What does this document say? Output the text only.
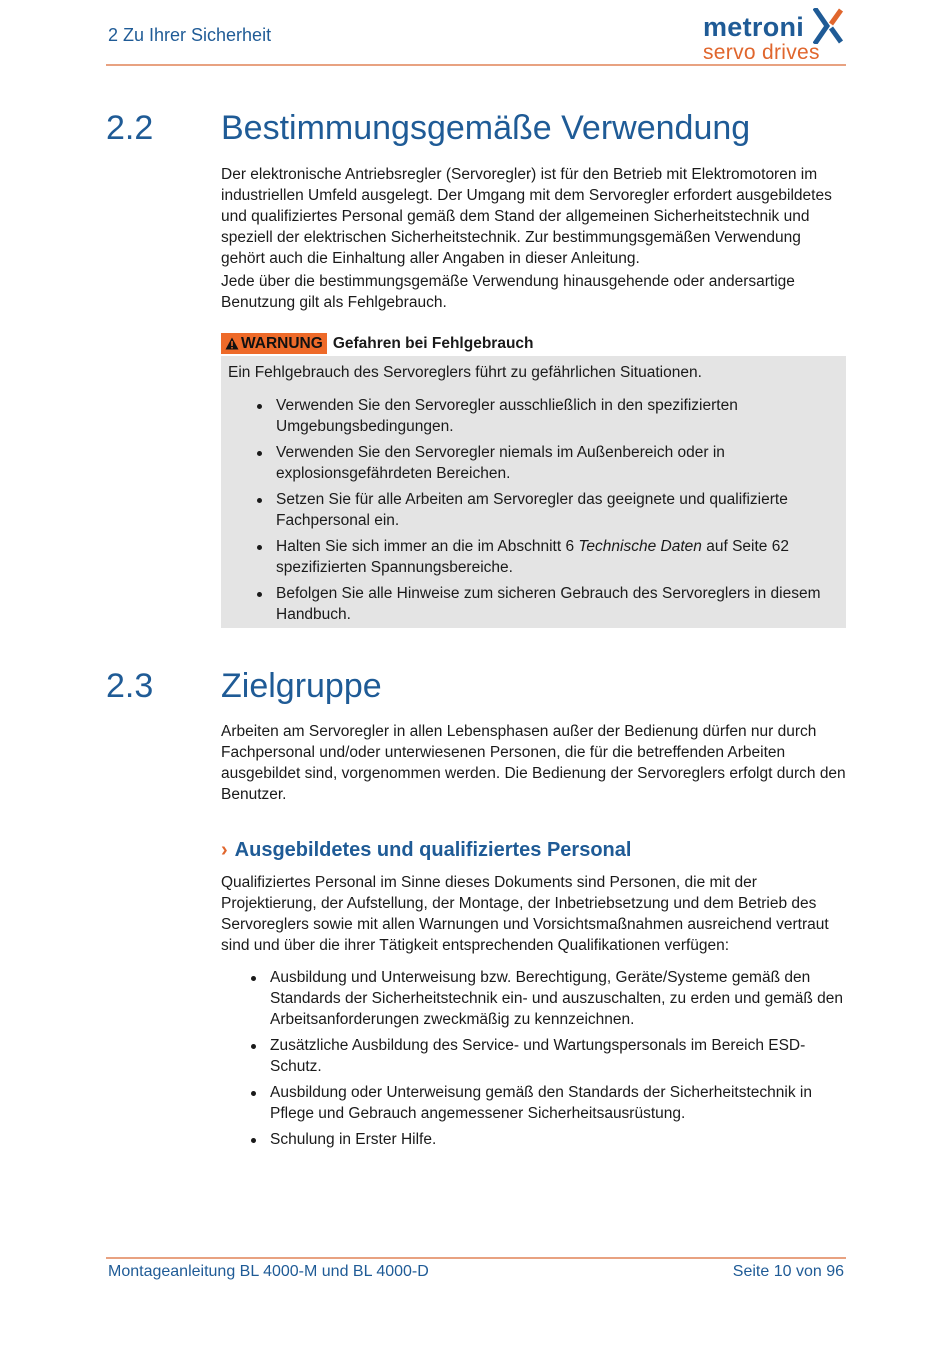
2 Zu Ihrer Sicherheit	metroni
servo drives
2.2 Bestimmungsgemäße Verwendung
Der elektronische Antriebsregler (Servoregler) ist für den Betrieb mit Elektromotoren im industriellen Umfeld ausgelegt. Der Umgang mit dem Servoregler erfordert ausgebildetes und qualifiziertes Personal gemäß dem Stand der allgemeinen Sicherheitstechnik und speziell der elektrischen Sicherheitstechnik. Zur bestimmungsgemäßen Verwendung gehört auch die Einhaltung aller Angaben in dieser Anleitung.
Jede über die bestimmungsgemäße Verwendung hinausgehende oder andersartige Benutzung gilt als Fehlgebrauch.
WARNUNG Gefahren bei Fehlgebrauch
Ein Fehlgebrauch des Servoreglers führt zu gefährlichen Situationen.
Verwenden Sie den Servoregler ausschließlich in den spezifizierten Umgebungsbedingungen.
Verwenden Sie den Servoregler niemals im Außenbereich oder in explosionsgefährdeten Bereichen.
Setzen Sie für alle Arbeiten am Servoregler das geeignete und qualifizierte Fachpersonal ein.
Halten Sie sich immer an die im Abschnitt 6 Technische Daten auf Seite 62 spezifizierten Spannungsbereiche.
Befolgen Sie alle Hinweise zum sicheren Gebrauch des Servoreglers in diesem Handbuch.
2.3 Zielgruppe
Arbeiten am Servoregler in allen Lebensphasen außer der Bedienung dürfen nur durch Fachpersonal und/oder unterwiesenen Personen, die für die betreffenden Arbeiten ausgebildet sind, vorgenommen werden. Die Bedienung der Servoreglers erfolgt durch den Benutzer.
› Ausgebildetes und qualifiziertes Personal
Qualifiziertes Personal im Sinne dieses Dokuments sind Personen, die mit der Projektierung, der Aufstellung, der Montage, der Inbetriebsetzung und dem Betrieb des Servoreglers sowie mit allen Warnungen und Vorsichtsmaßnahmen ausreichend vertraut sind und über die ihrer Tätigkeit entsprechenden Qualifikationen verfügen:
Ausbildung und Unterweisung bzw. Berechtigung, Geräte/Systeme gemäß den Standards der Sicherheitstechnik ein- und auszuschalten, zu erden und gemäß den Arbeitsanforderungen zweckmäßig zu kennzeichnen.
Zusätzliche Ausbildung des Service- und Wartungspersonals im Bereich ESD-Schutz.
Ausbildung oder Unterweisung gemäß den Standards der Sicherheitstechnik in Pflege und Gebrauch angemessener Sicherheitsausrüstung.
Schulung in Erster Hilfe.
Montageanleitung BL 4000-M und BL 4000-D	Seite 10 von 96
